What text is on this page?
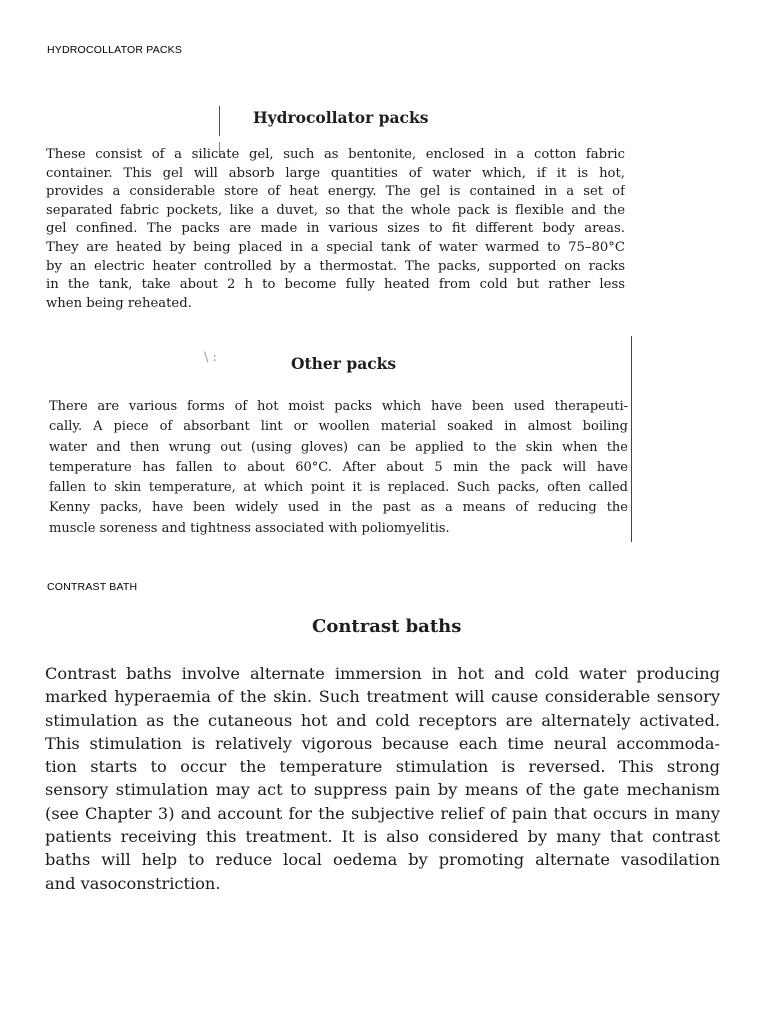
HYDROCOLLATOR PACKS
Hydrocollator packs
These consist of a silicate gel, such as bentonite, enclosed in a cotton fabric
container. This gel will absorb large quantities of water which, if it is hot,
provides a considerable store of heat energy. The gel is contained in a set of
separated fabric pockets, like a duvet, so that the whole pack is flexible and the
gel confined. The packs are made in various sizes to fit different body areas.
They are heated by being placed in a special tank of water warmed to 75–80°C
by an electric heater controlled by a thermostat. The packs, supported on racks
in the tank, take about 2 h to become fully heated from cold but rather less
when being reheated.
\ :	Other packs
There are various forms of hot moist packs which have been used therapeuti-
cally. A piece of absorbant lint or woollen material soaked in almost boiling
water and then wrung out (using gloves) can be applied to the skin when the
temperature has fallen to about 60°C. After about 5 min the pack will have
fallen to skin temperature, at which point it is replaced. Such packs, often called
Kenny packs, have been widely used in the past as a means of reducing the
muscle soreness and tightness associated with poliomyelitis.
CONTRAST BATH
Contrast baths
Contrast baths involve alternate immersion in hot and cold water producing
marked hyperaemia of the skin. Such treatment will cause considerable sensory
stimulation as the cutaneous hot and cold receptors are alternately activated.
This stimulation is relatively vigorous because each time neural accommoda-
tion starts to occur the temperature stimulation is reversed. This strong
sensory stimulation may act to suppress pain by means of the gate mechanism
(see Chapter 3) and account for the subjective relief of pain that occurs in many
patients receiving this treatment. It is also considered by many that contrast
baths will help to reduce local oedema by promoting alternate vasodilation
and vasoconstriction.
